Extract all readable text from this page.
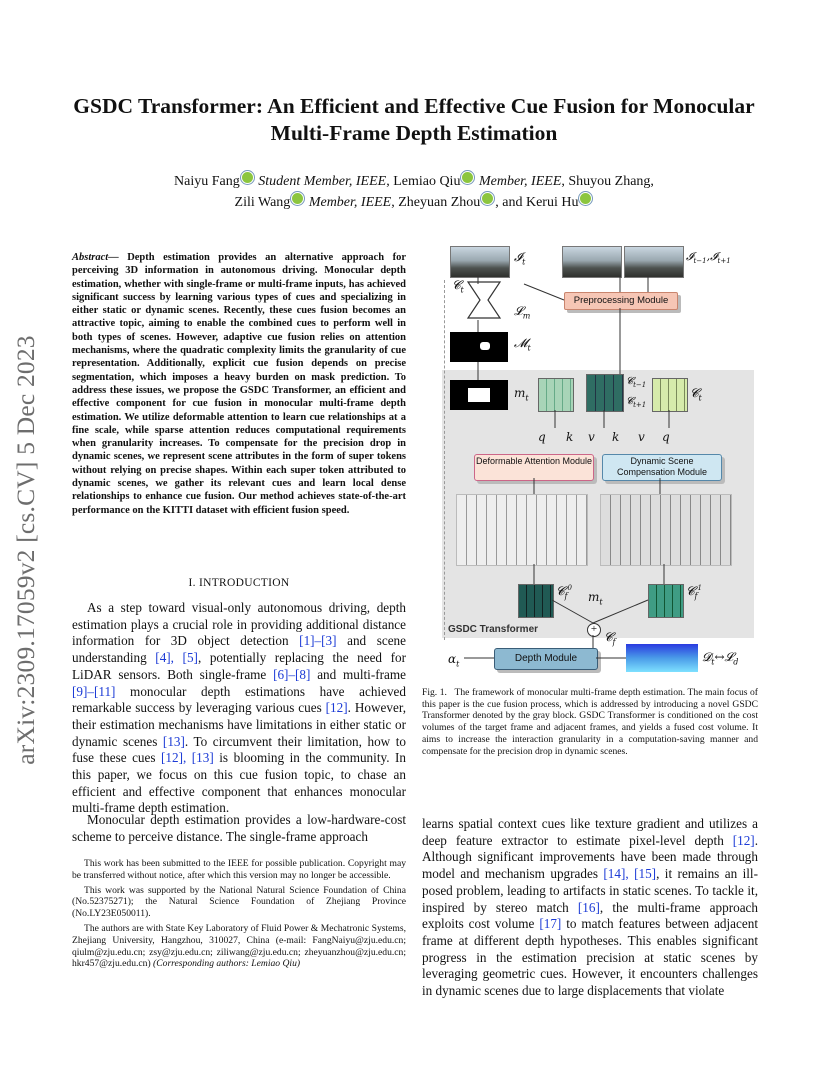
GSDC Transformer: An Efficient and Effective Cue Fusion for Monocular Multi-Frame Depth Estimation
Naiyu Fang Student Member, IEEE, Lemiao Qiu Member, IEEE, Shuyou Zhang,
Zili Wang Member, IEEE, Zheyuan Zhou , and Kerui Hu
arXiv:2309.17059v2 [cs.CV] 5 Dec 2023
Abstract— Depth estimation provides an alternative approach for perceiving 3D information in autonomous driving. Monocular depth estimation, whether with single-frame or multi-frame inputs, has achieved significant success by learning various types of cues and specializing in either static or dynamic scenes. Recently, these cues fusion becomes an attractive topic, aiming to enable the combined cues to perform well in both types of scenes. However, adaptive cue fusion relies on attention mechanisms, where the quadratic complexity limits the granularity of cue representation. Additionally, explicit cue fusion depends on precise segmentation, which imposes a heavy burden on mask prediction. To address these issues, we propose the GSDC Transformer, an efficient and effective component for cue fusion in monocular multi-frame depth estimation. We utilize deformable attention to learn cue relationships at a fine scale, while sparse attention reduces computational requirements when granularity increases. To compensate for the precision drop in dynamic scenes, we represent scene attributes in the form of super tokens without relying on precise shapes. Within each super token attributed to dynamic scenes, we gather its relevant cues and learn local dense relationships to enhance cue fusion. Our method achieves state-of-the-art performance on the KITTI dataset with efficient fusion speed.
I. INTRODUCTION

As a step toward visual-only autonomous driving, depth estimation plays a crucial role in providing additional distance information for 3D object detection [1]–[3] and scene understanding [4], [5], potentially replacing the need for LiDAR sensors. Both single-frame [6]–[8] and multi-frame [9]–[11] monocular depth estimations have achieved remarkable success by leveraging various cues [12]. However, their estimation mechanisms have limitations in either static or dynamic scenes [13]. To circumvent their limitation, how to fuse these cues [12], [13] is blooming in the community. In this paper, we focus on this cue fusion topic, to chase an efficient and effective component that enhances monocular multi-frame depth estimation.

Monocular depth estimation provides a low-hardware-cost scheme to perceive distance. The single-frame approach

This work has been submitted to the IEEE for possible publication. Copyright may be transferred without notice, after which this version may no longer be accessible.

This work was supported by the National Natural Science Foundation of China (No.52375271); the Natural Science Foundation of Zhejiang Province (No.LY23E050011).

The authors are with State Key Laboratory of Fluid Power & Mechatronic Systems, Zhejiang University, Hangzhou, 310027, China (e-mail: FangNaiyu@zju.edu.cn; qiulm@zju.edu.cn; zsy@zju.edu.cn; ziliwang@zju.edu.cn; zheyuanzhou@zju.edu.cn; hkr457@zju.edu.cn) (Corresponding authors: Lemiao Qiu)

𝓘$_t$	𝓘$_{t-1}$,𝓘$_{t+1}$
𝓒$_t$
Preprocessing Module
𝓛$_m$
𝓜$_t$
$m_t$
𝓒$_{t-1}$
𝓒$_{t+1}$
𝓒$_t$
q k v k v q
Deformable Attention Module	Dynamic Scene Compensation Module
𝓒$_f^0$
$m_t$
𝓒$_f^1$
GSDC Transformer	+
𝓒$_f$
$\alpha_t$	Depth Module	𝓓$_t$↔𝓛$_d$
Fig. 1. The framework of monocular multi-frame depth estimation. The main focus of this paper is the cue fusion process, which is addressed by introducing a novel GSDC Transformer denoted by the gray block. GSDC Transformer is conditioned on the cost volumes of the target frame and adjacent frames, and yields a fused cost volume. It aims to increase the interaction granularity in a computation-saving manner and compensate for the precision drop in dynamic scenes.
learns spatial context cues like texture gradient and utilizes a deep feature extractor to estimate pixel-level depth [12]. Although significant improvements have been made through model and mechanism upgrades [14], [15], it remains an ill-posed problem, leading to artifacts in static scenes. To tackle it, inspired by stereo match [16], the multi-frame approach exploits cost volume [17] to match features between adjacent frame at different depth hypotheses. This enables significant progress in the estimation precision at static scenes by leveraging geometric cues. However, it encounters challenges in dynamic scenes due to large displacements that violate
